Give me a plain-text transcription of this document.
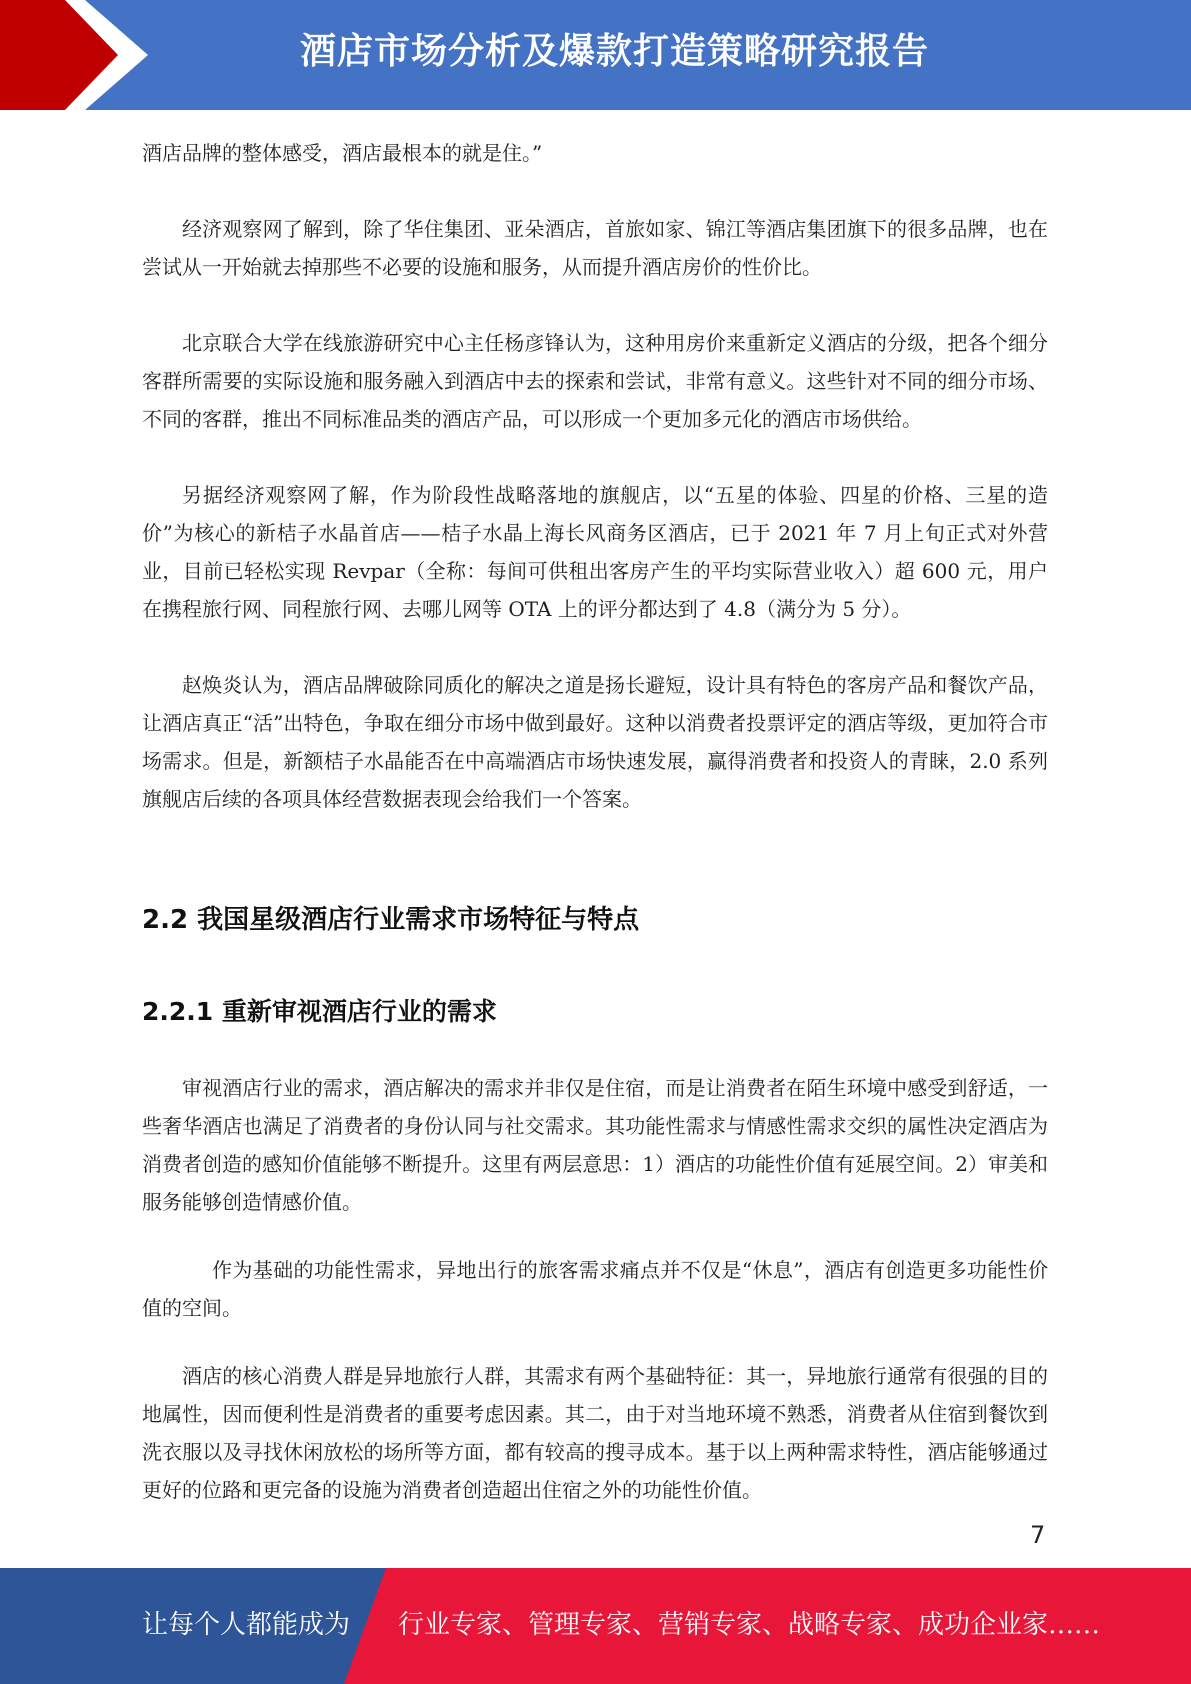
酒店市场分析及爆款打造策略研究报告

酒店品牌的整体感受，酒店最根本的就是住。”

经济观察网了解到，除了华住集团、亚朵酒店，首旅如家、锦江等酒店集团旗下的很多品牌，也在尝试从一开始就去掉那些不必要的设施和服务，从而提升酒店房价的性价比。

北京联合大学在线旅游研究中心主任杨彦锋认为，这种用房价来重新定义酒店的分级，把各个细分客群所需要的实际设施和服务融入到酒店中去的探索和尝试，非常有意义。这些针对不同的细分市场、不同的客群，推出不同标准品类的酒店产品，可以形成一个更加多元化的酒店市场供给。

另据经济观察网了解，作为阶段性战略落地的旗舰店，以“五星的体验、四星的价格、三星的造价”为核心的新桔子水晶首店——桔子水晶上海长风商务区酒店，已于 2021 年 7 月上旬正式对外营业，目前已轻松实现 Revpar（全称：每间可供租出客房产生的平均实际营业收入）超 600 元，用户在携程旅行网、同程旅行网、去哪儿网等 OTA 上的评分都达到了 4.8（满分为 5 分）。

赵焕炎认为，酒店品牌破除同质化的解决之道是扬长避短，设计具有特色的客房产品和餐饮产品，让酒店真正“活”出特色，争取在细分市场中做到最好。这种以消费者投票评定的酒店等级，更加符合市场需求。但是，新额桔子水晶能否在中高端酒店市场快速发展，赢得消费者和投资人的青睐，2.0 系列旗舰店后续的各项具体经营数据表现会给我们一个答案。

2.2 我国星级酒店行业需求市场特征与特点
2.2.1 重新审视酒店行业的需求

审视酒店行业的需求，酒店解决的需求并非仅是住宿，而是让消费者在陌生环境中感受到舒适，一些奢华酒店也满足了消费者的身份认同与社交需求。其功能性需求与情感性需求交织的属性决定酒店为消费者创造的感知价值能够不断提升。这里有两层意思：1）酒店的功能性价值有延展空间。2）审美和服务能够创造情感价值。

作为基础的功能性需求，异地出行的旅客需求痛点并不仅是“休息”，酒店有创造更多功能性价值的空间。

酒店的核心消费人群是异地旅行人群，其需求有两个基础特征：其一，异地旅行通常有很强的目的地属性，因而便利性是消费者的重要考虑因素。其二，由于对当地环境不熟悉，消费者从住宿到餐饮到洗衣服以及寻找休闲放松的场所等方面，都有较高的搜寻成本。基于以上两种需求特性，酒店能够通过更好的位路和更完备的设施为消费者创造超出住宿之外的功能性价值。

7
让每个人都能成为 行业专家、管理专家、营销专家、战略专家、成功企业家……
